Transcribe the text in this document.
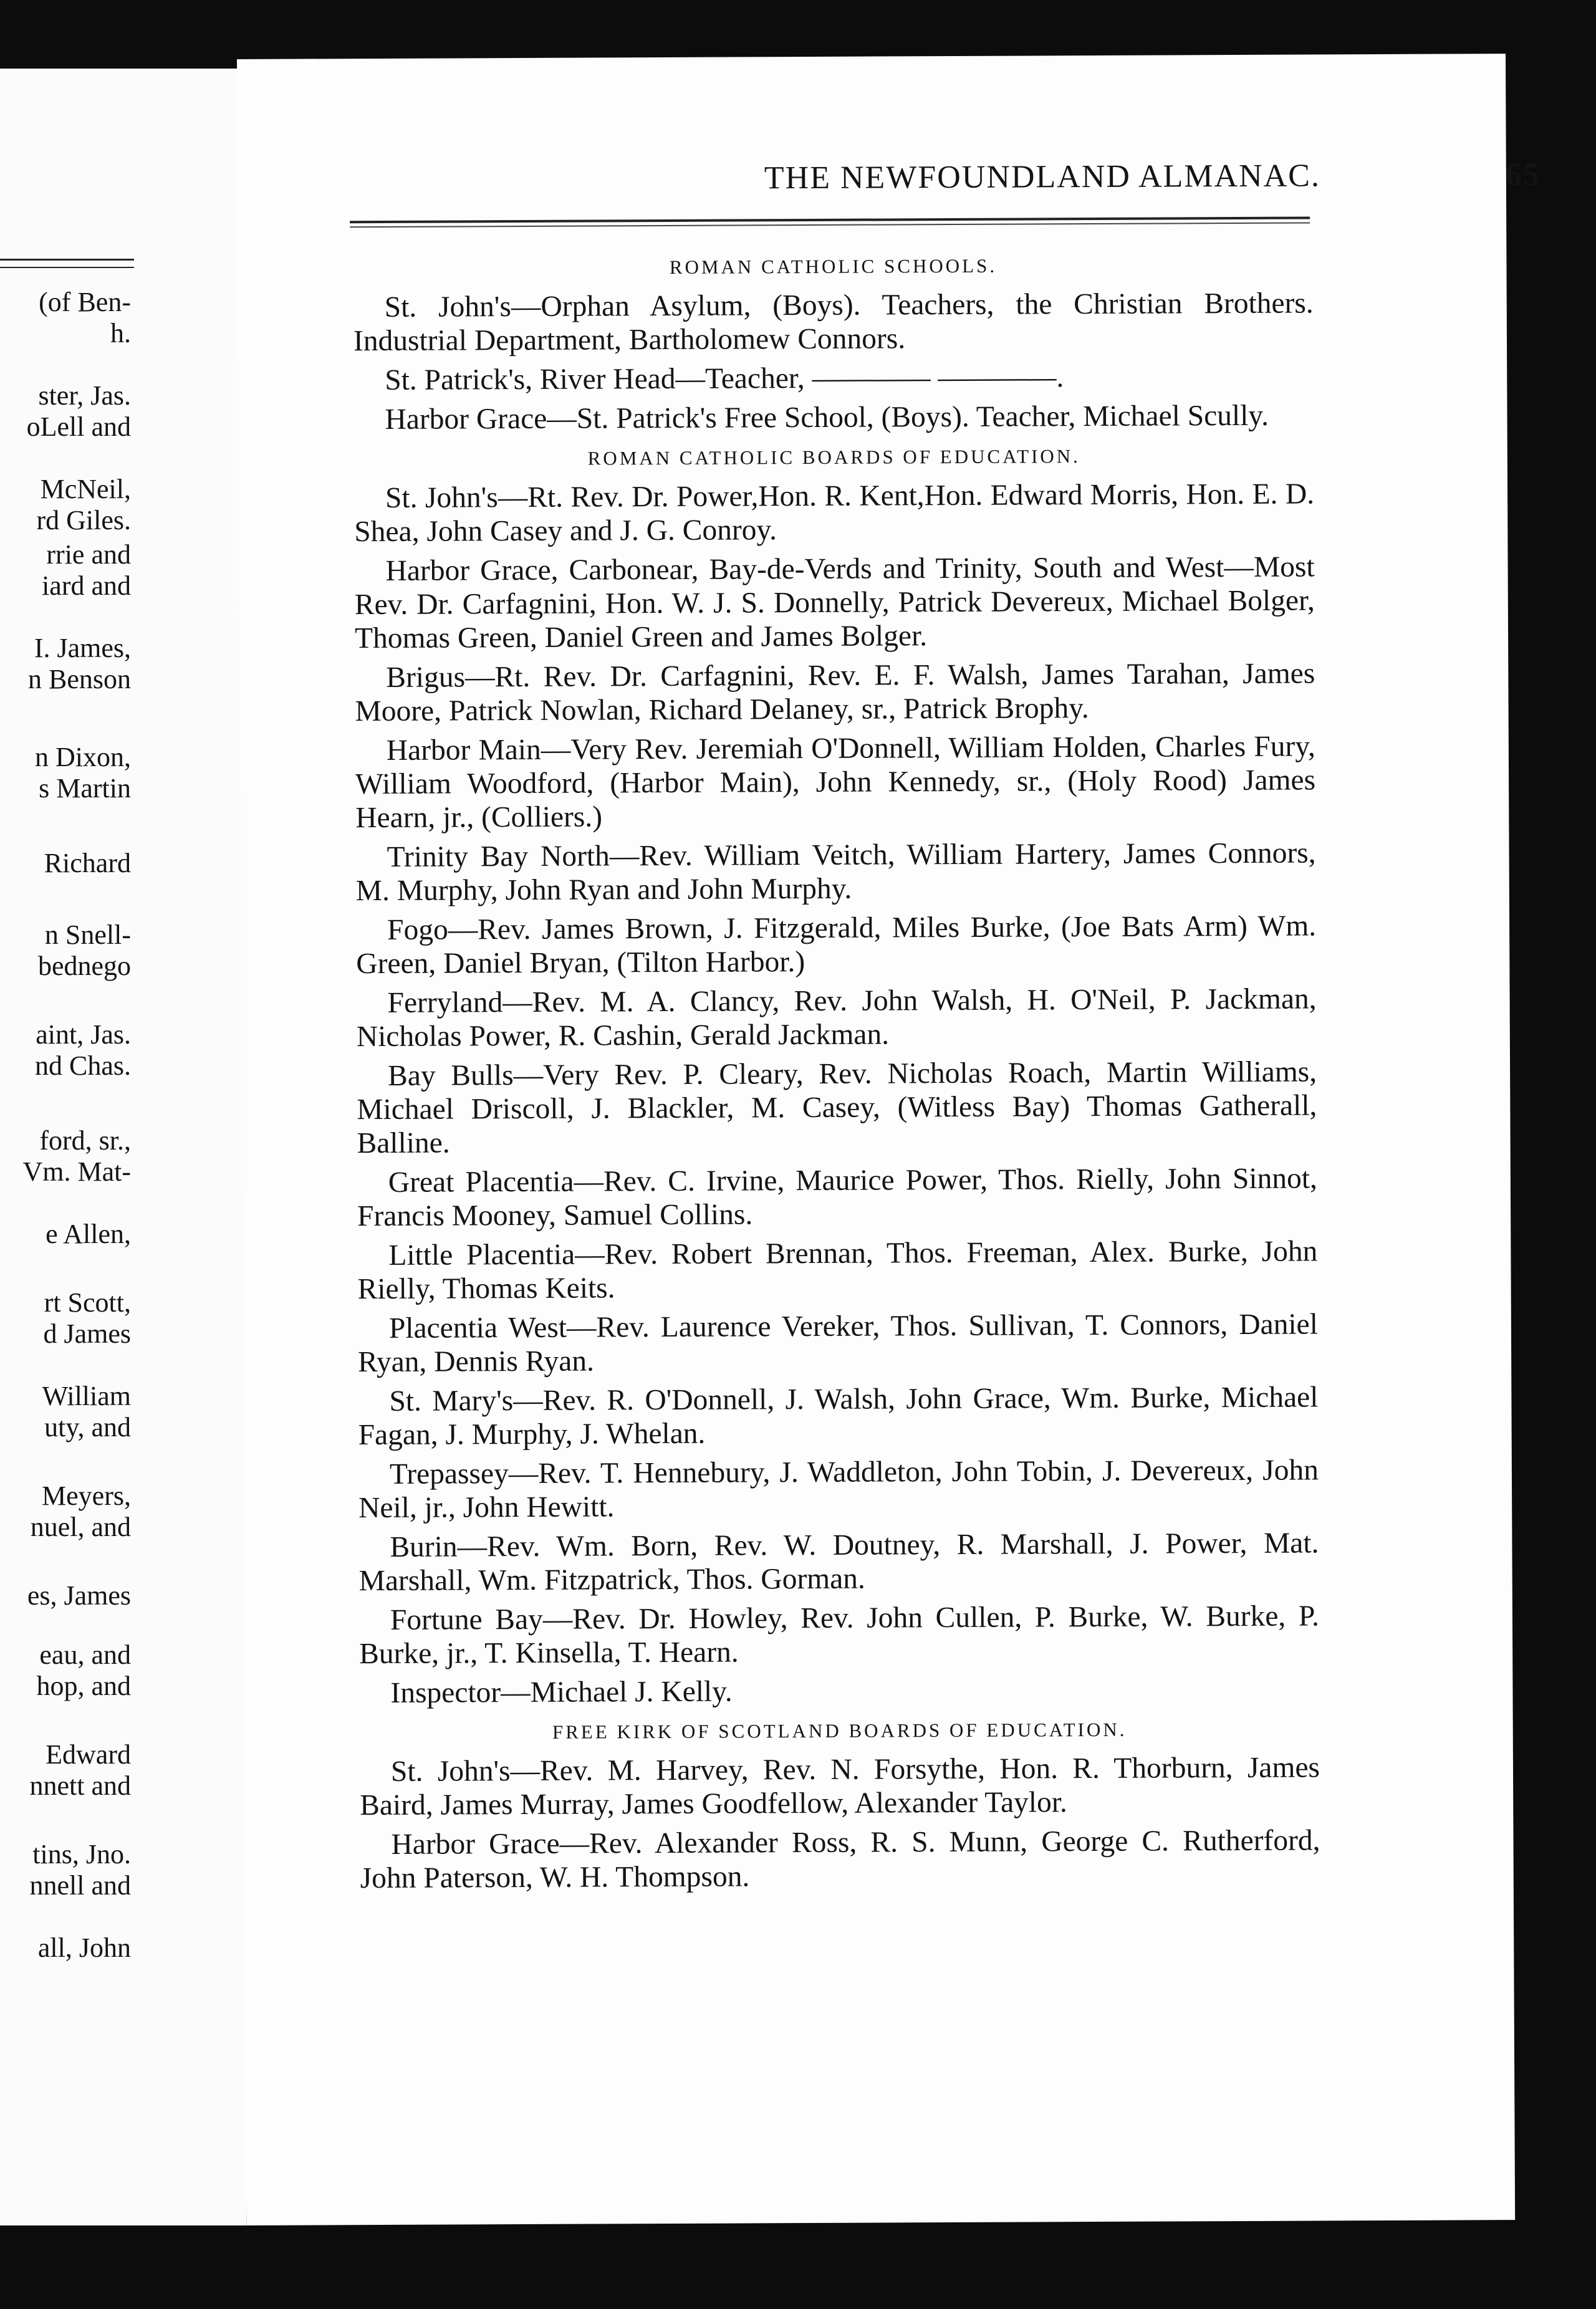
(of Ben-
h.
ster, Jas.
oLell and
McNeil,
rd Giles.
rrie and
iard and
I. James,
n Benson
n Dixon,
s Martin
Richard
n Snell-
bednego
aint, Jas.
nd Chas.
ford, sr.,
Vm. Mat-
e Allen,
rt Scott,
d James
William
uty, and
Meyers,
nuel, and
es, James
eau, and
hop, and
Edward
nnett and
tins, Jno.
nnell and
all, John
THE NEWFOUNDLAND ALMANAC.	65
ROMAN CATHOLIC SCHOOLS.

St. John's—Orphan Asylum, (Boys). Teachers, the Christian Brothers. Industrial Department, Bartholomew Connors.

St. Patrick's, River Head—Teacher, ———— ————.

Harbor Grace—St. Patrick's Free School, (Boys). Teacher, Michael Scully.

ROMAN CATHOLIC BOARDS OF EDUCATION.

St. John's—Rt. Rev. Dr. Power,Hon. R. Kent,Hon. Edward Morris, Hon. E. D. Shea, John Casey and J. G. Conroy.

Harbor Grace, Carbonear, Bay-de-Verds and Trinity, South and West—Most Rev. Dr. Carfagnini, Hon. W. J. S. Donnelly, Patrick Devereux, Michael Bolger, Thomas Green, Daniel Green and James Bolger.

Brigus—Rt. Rev. Dr. Carfagnini, Rev. E. F. Walsh, James Tarahan, James Moore, Patrick Nowlan, Richard Delaney, sr., Patrick Brophy.

Harbor Main—Very Rev. Jeremiah O'Donnell, William Holden, Charles Fury, William Woodford, (Harbor Main), John Kennedy, sr., (Holy Rood) James Hearn, jr., (Colliers.)

Trinity Bay North—Rev. William Veitch, William Hartery, James Connors, M. Murphy, John Ryan and John Murphy.

Fogo—Rev. James Brown, J. Fitzgerald, Miles Burke, (Joe Bats Arm) Wm. Green, Daniel Bryan, (Tilton Harbor.)

Ferryland—Rev. M. A. Clancy, Rev. John Walsh, H. O'Neil, P. Jackman, Nicholas Power, R. Cashin, Gerald Jackman.

Bay Bulls—Very Rev. P. Cleary, Rev. Nicholas Roach, Martin Williams, Michael Driscoll, J. Blackler, M. Casey, (Witless Bay) Thomas Gatherall, Balline.

Great Placentia—Rev. C. Irvine, Maurice Power, Thos. Rielly, John Sinnot, Francis Mooney, Samuel Collins.

Little Placentia—Rev. Robert Brennan, Thos. Freeman, Alex. Burke, John Rielly, Thomas Keits.

Placentia West—Rev. Laurence Vereker, Thos. Sullivan, T. Connors, Daniel Ryan, Dennis Ryan.

St. Mary's—Rev. R. O'Donnell, J. Walsh, John Grace, Wm. Burke, Michael Fagan, J. Murphy, J. Whelan.

Trepassey—Rev. T. Hennebury, J. Waddleton, John Tobin, J. Devereux, John Neil, jr., John Hewitt.

Burin—Rev. Wm. Born, Rev. W. Doutney, R. Marshall, J. Power, Mat. Marshall, Wm. Fitzpatrick, Thos. Gorman.

Fortune Bay—Rev. Dr. Howley, Rev. John Cullen, P. Burke, W. Burke, P. Burke, jr., T. Kinsella, T. Hearn.

Inspector—Michael J. Kelly.

FREE KIRK OF SCOTLAND BOARDS OF EDUCATION.

St. John's—Rev. M. Harvey, Rev. N. Forsythe, Hon. R. Thorburn, James Baird, James Murray, James Goodfellow, Alexander Taylor.

Harbor Grace—Rev. Alexander Ross, R. S. Munn, George C. Rutherford, John Paterson, W. H. Thompson.
